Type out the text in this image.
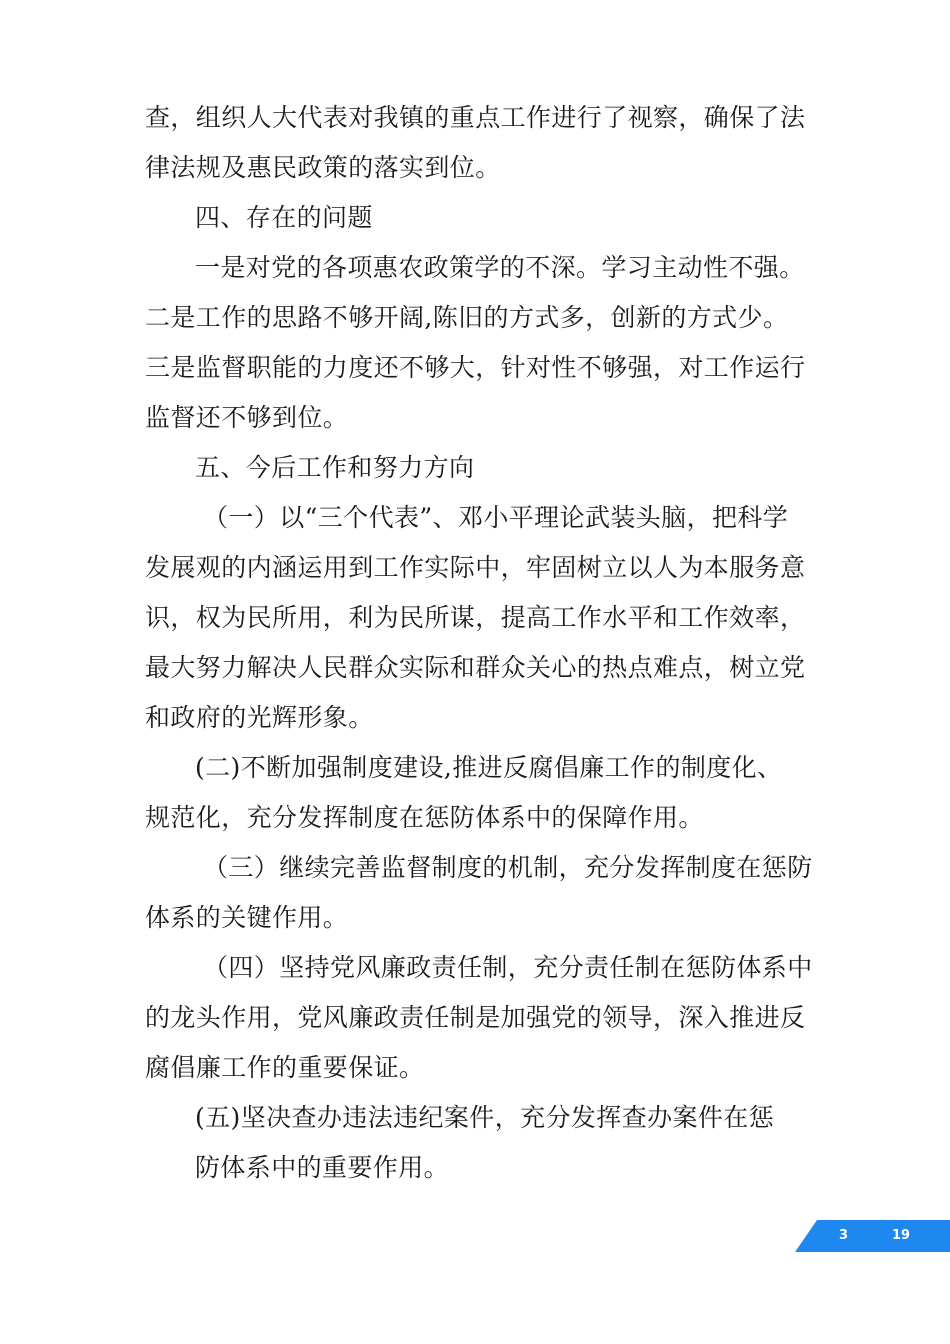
查，组织人大代表对我镇的重点工作进行了视察，确保了法
律法规及惠民政策的落实到位。
四、存在的问题
一是对党的各项惠农政策学的不深。学习主动性不强。
二是工作的思路不够开阔,陈旧的方式多，创新的方式少。
三是监督职能的力度还不够大，针对性不够强，对工作运行
监督还不够到位。
五、今后工作和努力方向
（一）以“三个代表”、邓小平理论武装头脑，把科学
发展观的内涵运用到工作实际中，牢固树立以人为本服务意
识，权为民所用，利为民所谋，提高工作水平和工作效率，
最大努力解决人民群众实际和群众关心的热点难点，树立党
和政府的光辉形象。
(二)不断加强制度建设,推进反腐倡廉工作的制度化、
规范化，充分发挥制度在惩防体系中的保障作用。
（三）继续完善监督制度的机制，充分发挥制度在惩防
体系的关键作用。
（四）坚持党风廉政责任制，充分责任制在惩防体系中
的龙头作用，党风廉政责任制是加强党的领导，深入推进反
腐倡廉工作的重要保证。
(五)坚决查办违法违纪案件，充分发挥查办案件在惩
防体系中的重要作用。
3	19
